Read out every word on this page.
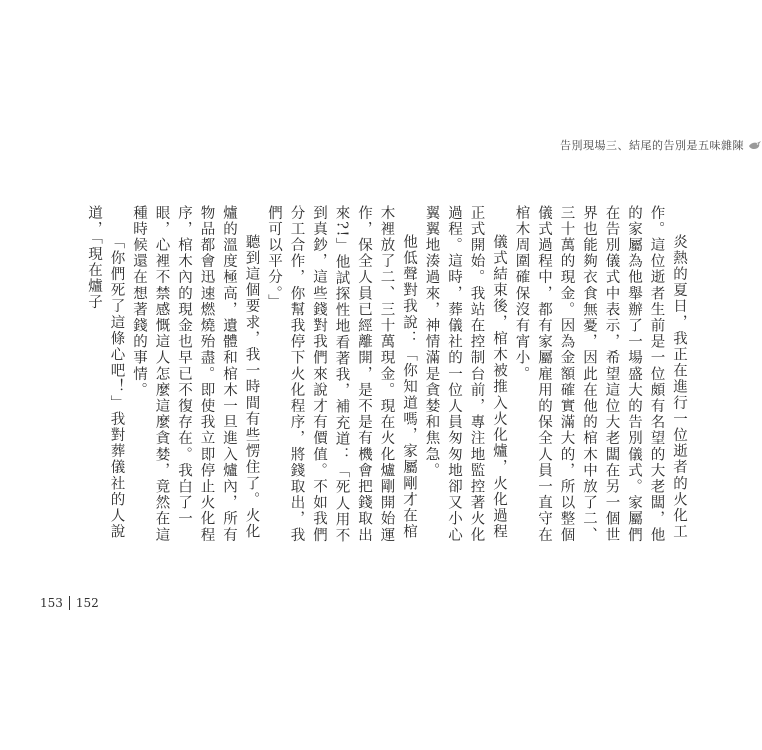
告別現場三、結尾的告別是五味雜陳

炎熱的夏日，我正在進行一位逝者的火化工作。這位逝者生前是一位頗有名望的大老闆，他的家屬為他舉辦了一場盛大的告別儀式。家屬們在告別儀式中表示，希望這位大老闆在另一個世界也能夠衣食無憂，因此在他的棺木中放了二、三十萬的現金。因為金額確實滿大的，所以整個儀式過程中，都有家屬雇用的保全人員一直守在棺木周圍確保沒有宵小。

儀式結束後，棺木被推入火化爐，火化過程正式開始。我站在控制台前，專注地監控著火化過程。這時，葬儀社的一位人員匆匆地卻又小心翼翼地湊過來，神情滿是貪婪和焦急。

他低聲對我說：「你知道嗎，家屬剛才在棺木裡放了二、三十萬現金。現在火化爐剛開始運作，保全人員已經離開，是不是有機會把錢取出來?!」他試探性地看著我，補充道：「死人用不到真鈔，這些錢對我們來說才有價值。不如我們分工合作，你幫我停下火化程序，將錢取出，我們可以平分。」

聽到這個要求，我一時間有些愣住了。火化爐的溫度極高，遺體和棺木一旦進入爐內，所有物品都會迅速燃燒殆盡。即使我立即停止火化程序，棺木內的現金也早已不復存在。我白了一眼，心裡不禁感慨這人怎麼這麼貪婪，竟然在這種時候還在想著錢的事情。

「你們死了這條心吧！」我對葬儀社的人說道，「現在爐子

153 152
